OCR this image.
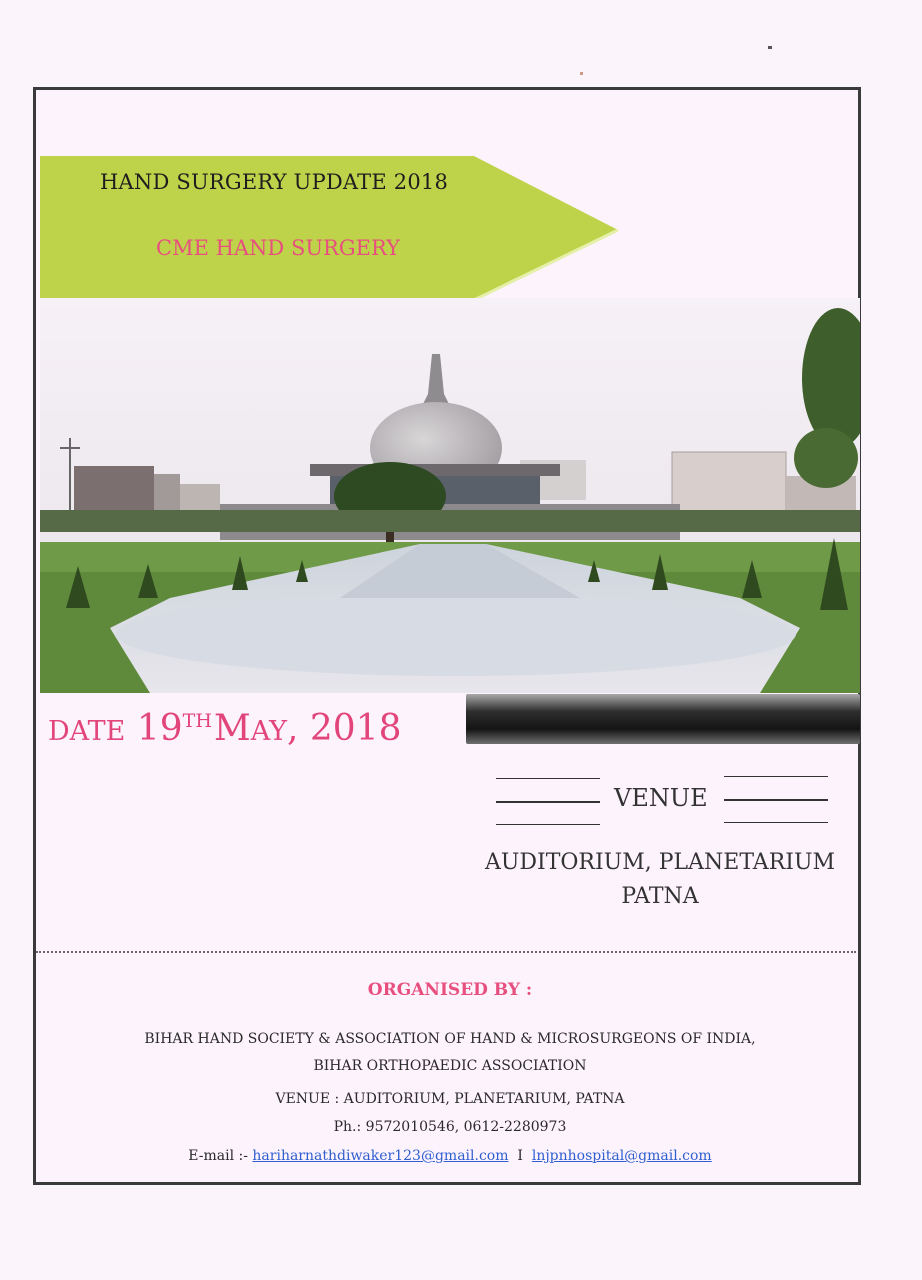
HAND SURGERY UPDATE 2018
CME HAND SURGERY
DATE 19THMAY, 2018
VENUE
AUDITORIUM, PLANETARIUM
PATNA
ORGANISED BY :
BIHAR HAND SOCIETY & ASSOCIATION OF HAND & MICROSURGEONS OF INDIA,
BIHAR ORTHOPAEDIC ASSOCIATION
VENUE : AUDITORIUM, PLANETARIUM, PATNA
Ph.: 9572010546, 0612-2280973
E-mail :- hariharnathdiwaker123@gmail.com I lnjpnhospital@gmail.com
